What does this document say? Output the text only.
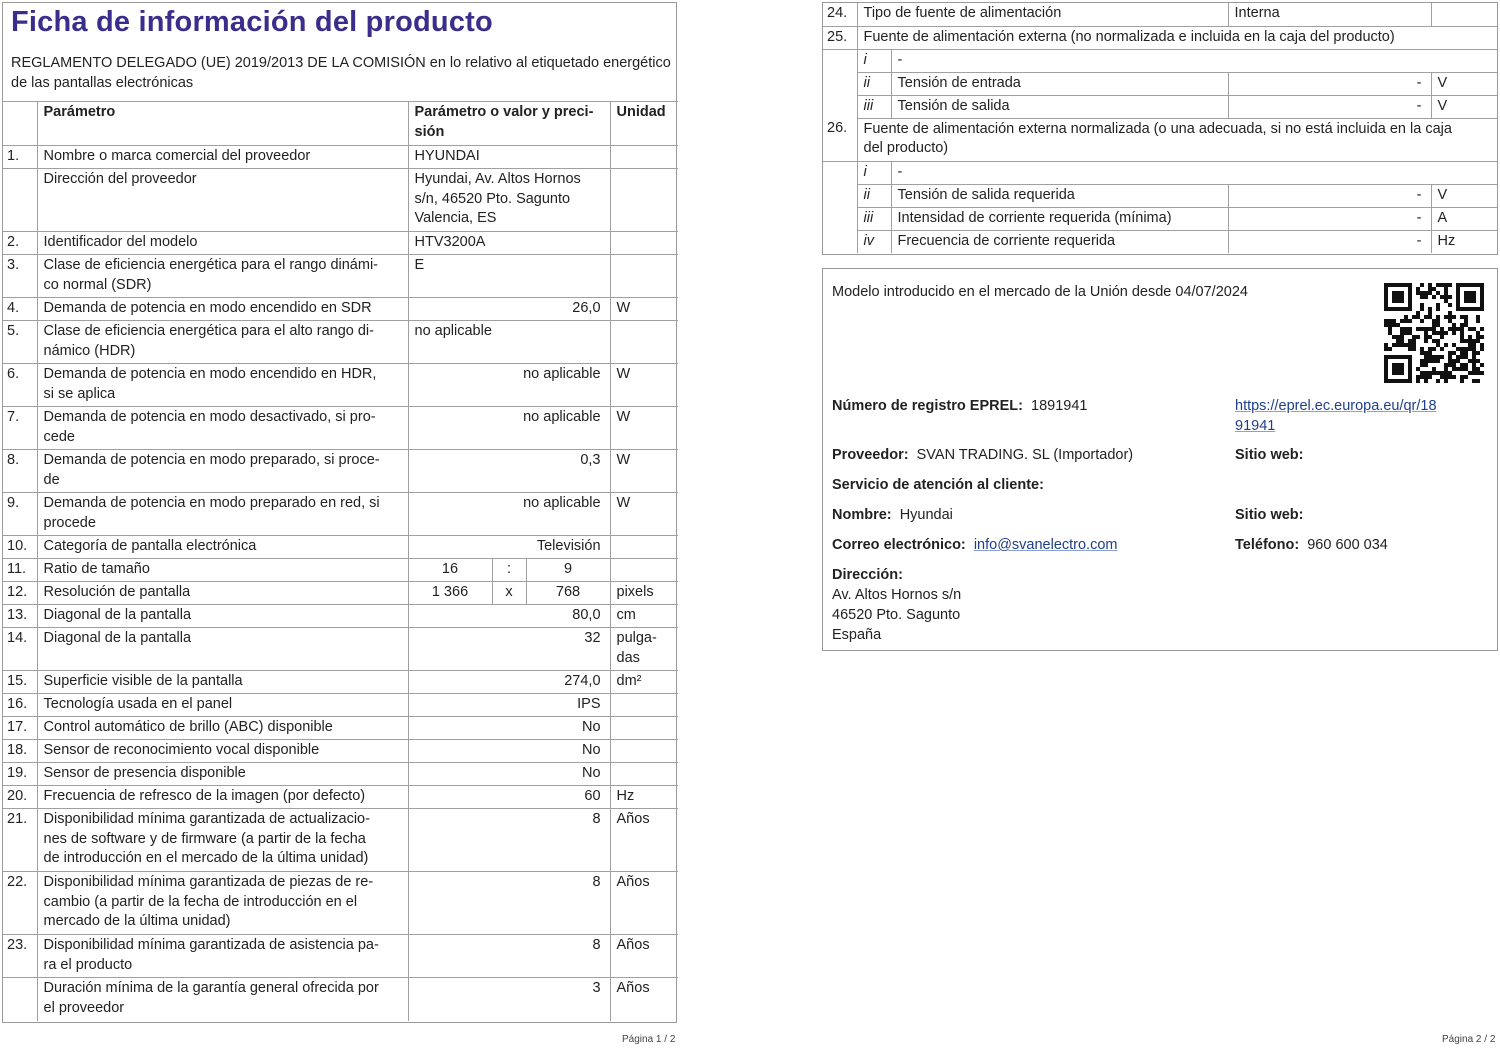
Ficha de información del producto
REGLAMENTO DELEGADO (UE) 2019/2013 DE LA COMISIÓN en lo relativo al etiquetado energético de las pantallas electrónicas
	Parámetro	Parámetro o valor y preci-
sión			Unidad
1.	Nombre o marca comercial del proveedor	HYUNDAI			
	Dirección del proveedor	Hyundai, Av. Altos Hornos s/n, 46520 Pto. Sagunto Valencia, ES			
2.	Identificador del modelo	HTV3200A			
3.	Clase de eficiencia energética para el rango dinámi-
co normal (SDR)	E			
4.	Demanda de potencia en modo encendido en SDR	26,0			W
5.	Clase de eficiencia energética para el alto rango di-
námico (HDR)	no aplicable			
6.	Demanda de potencia en modo encendido en HDR,
si se aplica	no aplicable			W
7.	Demanda de potencia en modo desactivado, si pro-
cede	no aplicable			W
8.	Demanda de potencia en modo preparado, si proce-
de	0,3			W
9.	Demanda de potencia en modo preparado en red, si
procede	no aplicable			W
10.	Categoría de pantalla electrónica	Televisión			
11.	Ratio de tamaño	16	:	9	
12.	Resolución de pantalla	1 366	x	768	pixels
13.	Diagonal de la pantalla	80,0			cm
14.	Diagonal de la pantalla	32			pulga-
das
15.	Superficie visible de la pantalla	274,0			dm²
16.	Tecnología usada en el panel	IPS			
17.	Control automático de brillo (ABC) disponible	No			
18.	Sensor de reconocimiento vocal disponible	No			
19.	Sensor de presencia disponible	No			
20.	Frecuencia de refresco de la imagen (por defecto)	60			Hz
21.	Disponibilidad mínima garantizada de actualizacio-
nes de software y de firmware (a partir de la fecha
de introducción en el mercado de la última unidad)	8			Años
22.	Disponibilidad mínima garantizada de piezas de re-
cambio (a partir de la fecha de introducción en el
mercado de la última unidad)	8			Años
23.	Disponibilidad mínima garantizada de asistencia pa-
ra el producto	8			Años
	Duración mínima de la garantía general ofrecida por
el proveedor	3			Años
Página 1 / 2
24.	Tipo de fuente de alimentación		Interna	
25.	Fuente de alimentación externa (no normalizada e incluida en la caja del producto)			
	i	-		
	ii	Tensión de entrada	-	V
	iii	Tensión de salida	-	V
26.	Fuente de alimentación externa normalizada (o una adecuada, si no está incluida en la caja
del producto)			
	i	-		
	ii	Tensión de salida requerida	-	V
	iii	Intensidad de corriente requerida (mínima)	-	A
	iv	Frecuencia de corriente requerida	-	Hz
Modelo introducido en el mercado de la Unión desde 04/07/2024
Número de registro EPREL: 1891941	https://eprel.ec.europa.eu/qr/18
91941
Proveedor: SVAN TRADING. SL (Importador)	Sitio web:
Servicio de atención al cliente:
Nombre: Hyundai	Sitio web:
Correo electrónico: info@svanelectro.com	Teléfono: 960 600 034
Dirección:
Av. Altos Hornos s/n
46520 Pto. Sagunto
España
Página 2 / 2
